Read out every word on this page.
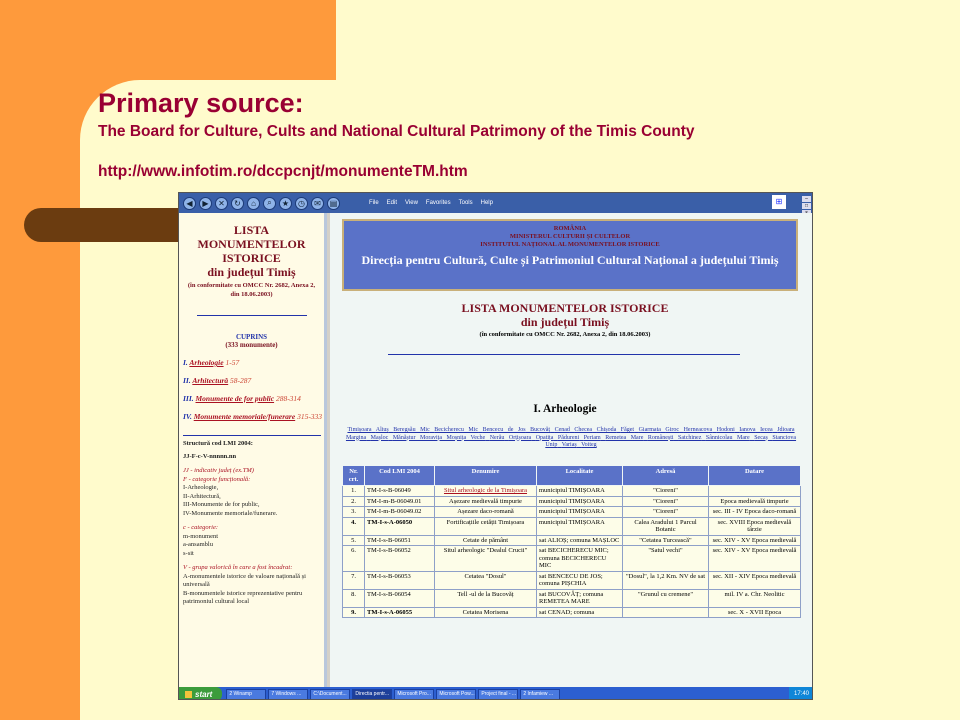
Primary source:
The Board for Culture, Cults and National Cultural Patrimony of the Timis County
http://www.infotim.ro/dccpcnjt/monumenteTM.htm
◀	▶	✕	↻	⌂	⌕	★	◷	✉	▤	File Edit View Favorites Tools Help	⊞	–
□
LISTA
MONUMENTELOR
ISTORICE
din județul Timiș
(în conformitate cu OMCC Nr. 2682, Anexa 2, din 18.06.2003)
CUPRINS
(333 monumente)
I. Arheologie 1-57
II. Arhitectură 58-287
III. Monumente de for public 288-314
IV. Monumente memoriale/funerare 315-333
Structură cod LMI 2004:
JJ-F-c-V-nnnnn.nn
JJ - indicativ județ (ex.TM)
F - categorie funcțională:
I-Arheologie,
II-Arhitectură,
III-Monumente de for public,
IV-Monumente memoriale/funerare.
c - categorie:
m-monument
a-ansamblu
s-sit
V - grupa valorică în care a fost încadrat:
A-monumentele istorice de valoare națională și universală
B-monumentele istorice reprezentative pentru patrimoniul cultural local
ROMÂNIA
MINISTERUL CULTURII ȘI CULTELOR
INSTITUTUL NAȚIONAL AL MONUMENTELOR ISTORICE
Direcția pentru Cultură, Culte și Patrimoniul Cultural Național a județului Timiș
LISTA MONUMENTELOR ISTORICE
din județul Timiș
(în conformitate cu OMCC Nr. 2682, Anexa 2, din 18.06.2003)
I. Arheologie
Timișoara Aliuș Beregsău Mic Becicherecu Mic Bencecu de Jos Bucovăț Cenad Checea Chișoda Făget Giarmata Giroc Herneacova Hodoni Ianova Iecea Jdioara Margina Mașloc Mănăștur Moravița Moșnița Veche Nerău Orțișoara Opatița Pădureni Periam Remetea Mare Românești Satchinez Sânnicolau Mare Secaș Stanciova Unip Variaș Voiteg
Nr. crt.	Cod LMI 2004	Denumire	Localitate	Adresă	Datare
1.	TM-I-s-B-06049	Situl arheologic de la Timișoara	municipiul TIMIȘOARA	"Cioreni"	
2.	TM-I-m-B-06049.01	Așezare medievală timpurie	municipiul TIMIȘOARA	"Cioreni"	Epoca medievală timpurie
3.	TM-I-m-B-06049.02	Așezare daco-romană	municipiul TIMIȘOARA	"Cioreni"	sec. III - IV Epoca daco-romană
4.	TM-I-s-A-06050	Fortificațiile cetății Timișoara	municipiul TIMIȘOARA	Calea Aradului 1 Parcul Botanic	sec. XVIII Epoca medievală târzie
5.	TM-I-s-B-06051	Cetate de pământ	sat ALIOȘ; comuna MAȘLOC	"Cetatea Turcească"	sec. XIV - XV Epoca medievală
6.	TM-I-s-B-06052	Situl arheologic "Dealul Crucii"	sat BECICHERECU MIC; comuna BECICHERECU MIC	"Satul vechi"	sec. XIV - XV Epoca medievală
7.	TM-I-s-B-06053	Cetatea "Dosul"	sat BENCECU DE JOS; comuna PIȘCHIA	"Dosul", la 1,2 Km. NV de sat	sec. XII - XIV Epoca medievală
8.	TM-I-s-B-06054	Tell -ul de la Bucovăț	sat BUCOVĂȚ; comuna REMETEA MARE	"Grunul cu cremene"	mil. IV a. Chr. Neolitic
9.	TM-I-s-A-06055	Cetatea Morisena	sat CENAD; comuna		sec. X - XVII Epoca
start	2 Winamp	7 Windows ...	C:\Document...	Directia pentr...	Microsoft Pro...	Microsoft Pow...	Project final - ...	2 Infamiew ...	17:40
